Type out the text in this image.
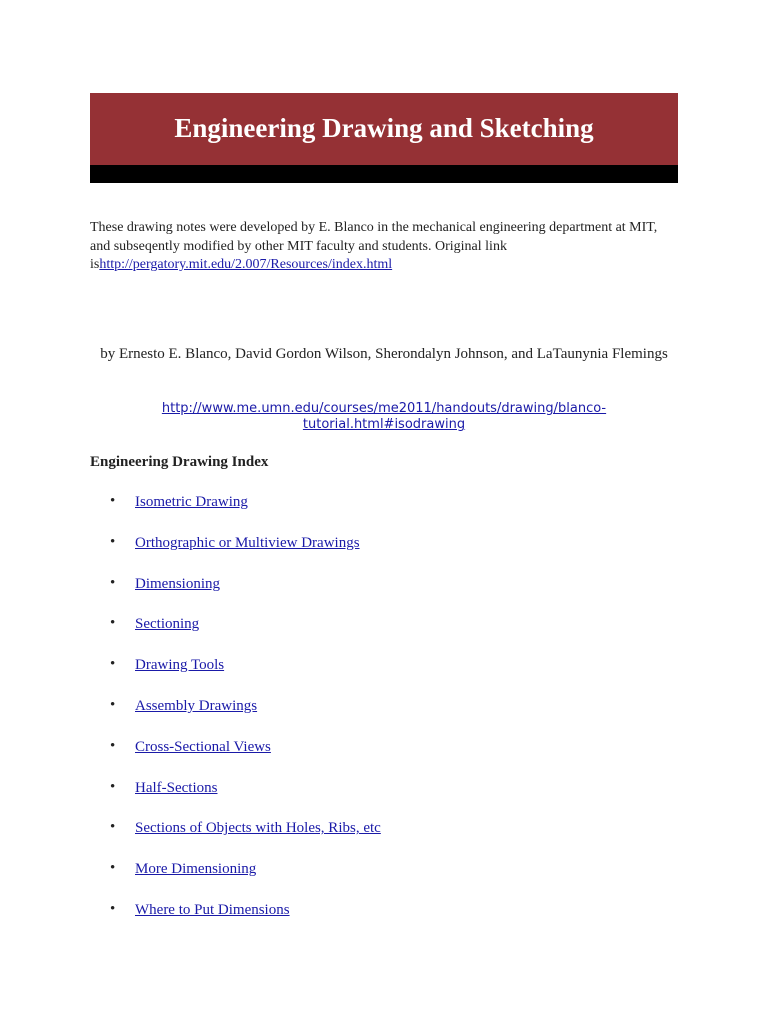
Engineering Drawing and Sketching

These drawing notes were developed by E. Blanco in the mechanical engineering department at MIT, and subseqently modified by other MIT faculty and students. Original link ishttp://pergatory.mit.edu/2.007/Resources/index.html

by Ernesto E. Blanco, David Gordon Wilson, Sherondalyn Johnson, and LaTaunynia Flemings

http://www.me.umn.edu/courses/me2011/handouts/drawing/blanco-tutorial.html#isodrawing

Engineering Drawing Index
•	Isometric Drawing
•	Orthographic or Multiview Drawings
•	Dimensioning
•	Sectioning
•	Drawing Tools
•	Assembly Drawings
•	Cross-Sectional Views
•	Half-Sections
•	Sections of Objects with Holes, Ribs, etc
•	More Dimensioning
•	Where to Put Dimensions
